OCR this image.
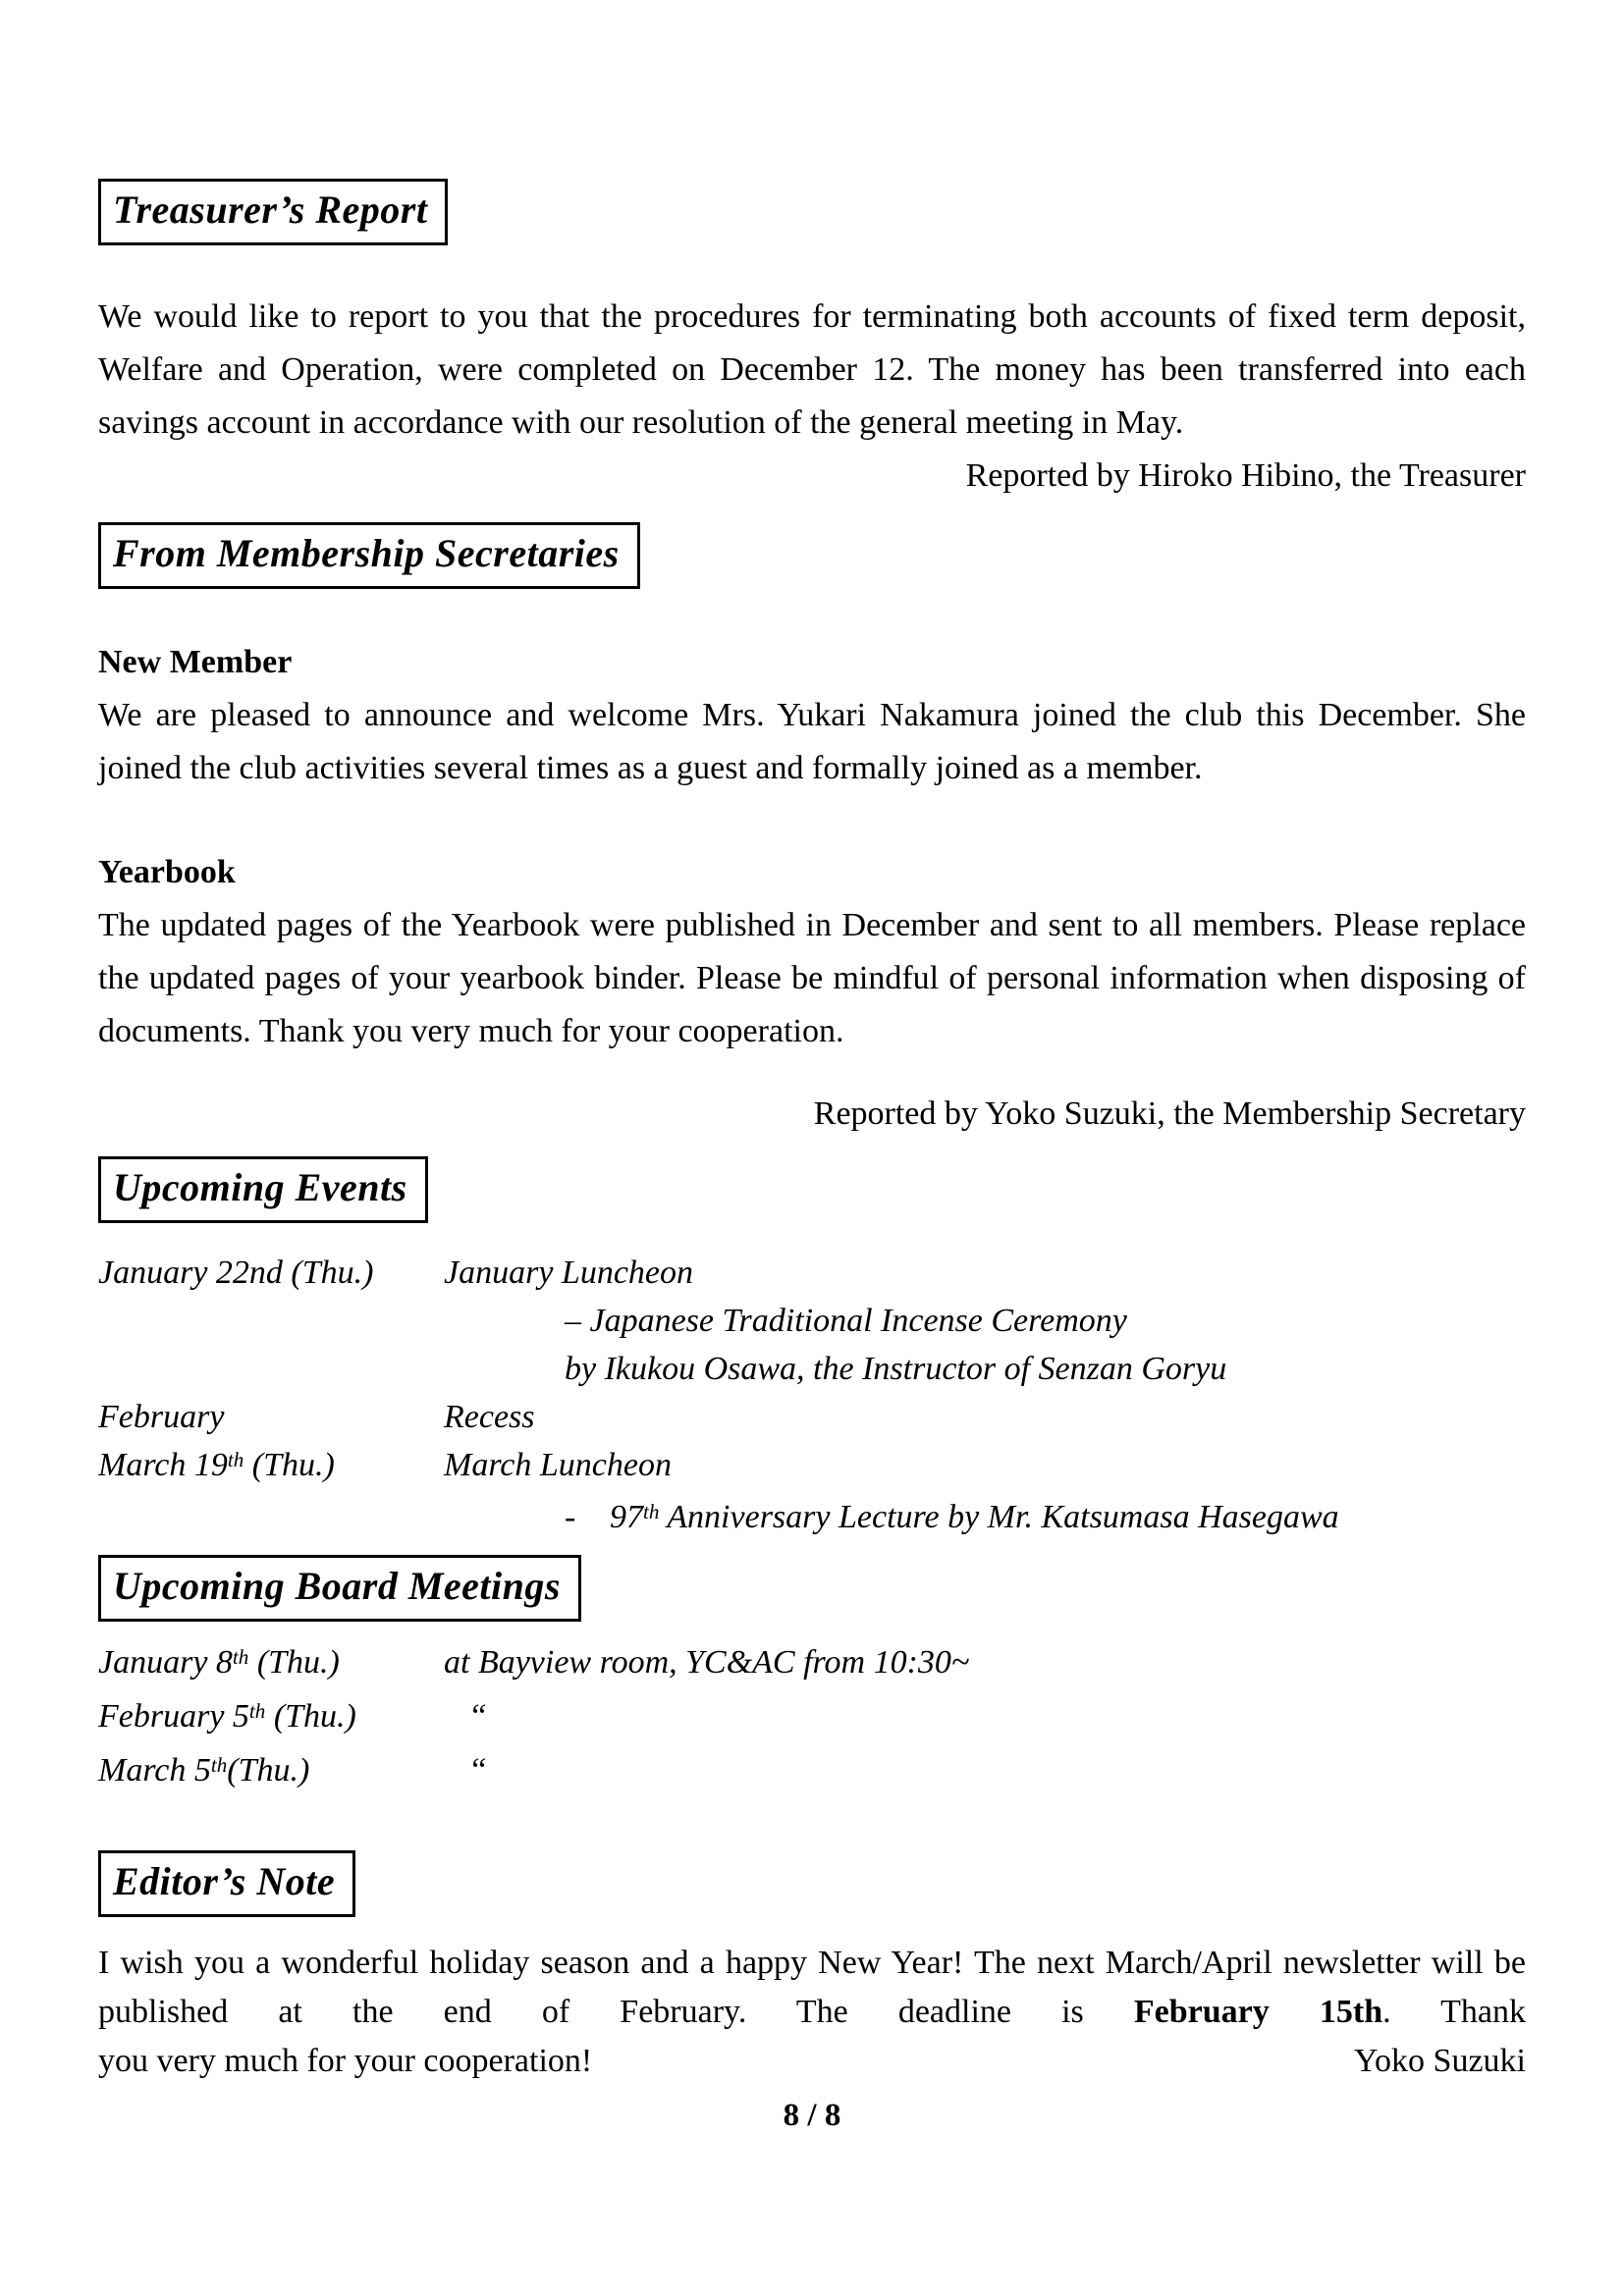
Treasurer’s Report

We would like to report to you that the procedures for terminating both accounts of fixed term deposit, Welfare and Operation, were completed on December 12. The money has been transferred into each savings account in accordance with our resolution of the general meeting in May.

Reported by Hiroko Hibino, the Treasurer
From Membership Secretaries
New Member

We are pleased to announce and welcome Mrs. Yukari Nakamura joined the club this December. She joined the club activities several times as a guest and formally joined as a member.

Yearbook

The updated pages of the Yearbook were published in December and sent to all members. Please replace the updated pages of your yearbook binder. Please be mindful of personal information when disposing of documents. Thank you very much for your cooperation.

Reported by Yoko Suzuki, the Membership Secretary
Upcoming Events
January 22nd (Thu.)	January Luncheon
– Japanese Traditional Incense Ceremony
by Ikukou Osawa, the Instructor of Senzan Goryu
February	Recess
March 19th (Thu.)	March Luncheon
- 97th Anniversary Lecture by Mr. Katsumasa Hasegawa
Upcoming Board Meetings
January 8th (Thu.)	at Bayview room, YC&AC from 10:30~
February 5th (Thu.)	“
March 5th(Thu.)	“
Editor’s Note
I wish you a wonderful holiday season and a happy New Year! The next March/April newsletter will be published at the end of February. The deadline is February 15th. Thank
you very much for your cooperation!	Yoko Suzuki
8 / 8
